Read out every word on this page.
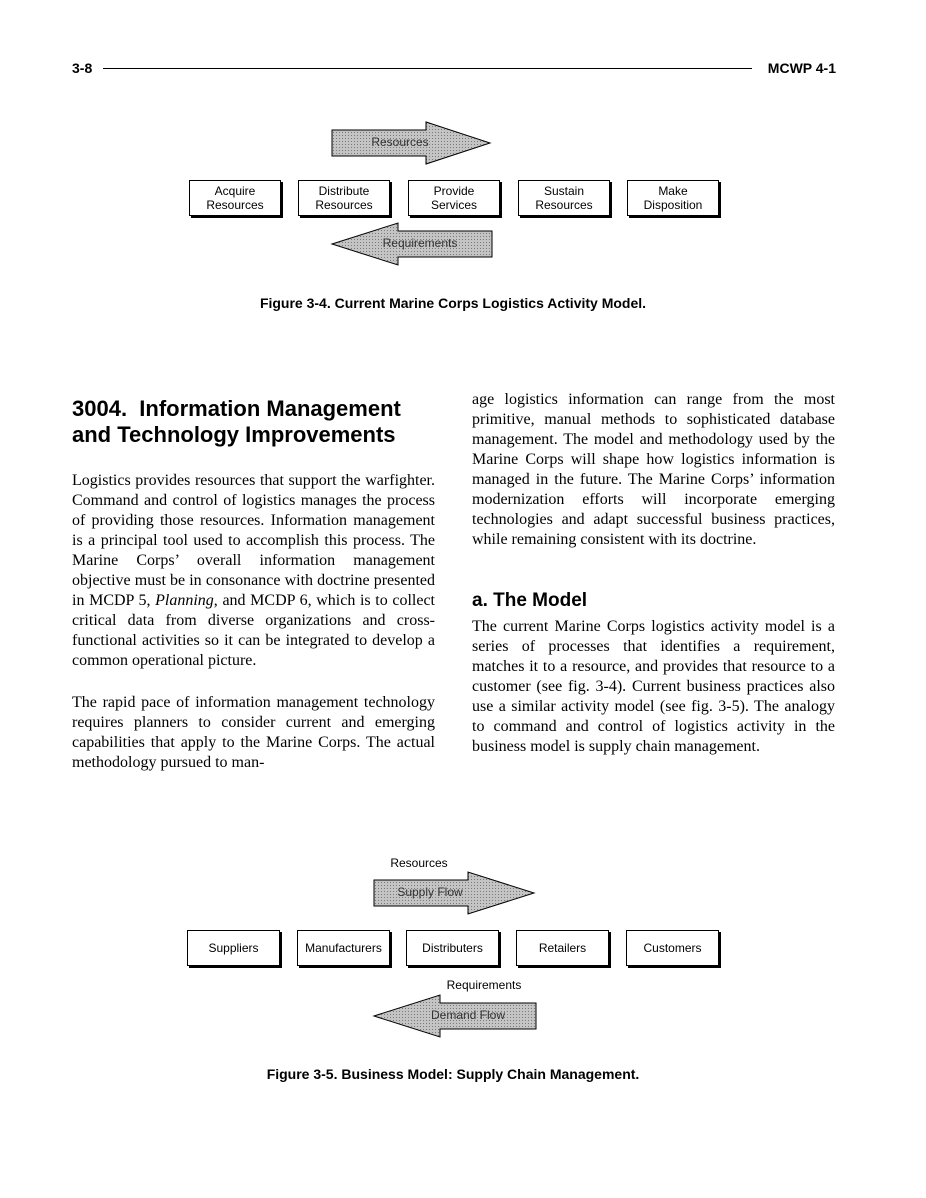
3-8	MCWP 4-1
Resources
Acquire
Resources
Distribute
Resources
Provide
Services
Sustain
Resources
Make
Disposition
Requirements
Figure 3-4. Current Marine Corps Logistics Activity Model.
3004.  Information Management
and Technology Improvements

Logistics provides resources that support the warfighter. Command and control of logistics manages the process of providing those resources. Information management is a principal tool used to accomplish this process. The Marine Corps’ overall information management objective must be in consonance with doctrine presented in MCDP 5, Planning, and MCDP 6, which is to collect critical data from diverse organizations and cross-functional activities so it can be integrated to develop a common operational picture.

The rapid pace of information management technology requires planners to consider current and emerging capabilities that apply to the Marine Corps. The actual methodology pursued to man-

age logistics information can range from the most primitive, manual methods to sophisticated database management. The model and methodology used by the Marine Corps will shape how logistics information is managed in the future. The Marine Corps’ information modernization efforts will incorporate emerging technologies and adapt successful business practices, while remaining consistent with its doctrine.

a. The Model

The current Marine Corps logistics activity model is a series of processes that identifies a requirement, matches it to a resource, and provides that resource to a customer (see fig. 3-4). Current business practices also use a similar activity model (see fig. 3-5). The analogy to command and control of logistics activity in the business model is supply chain management.

Resources
Supply Flow
Suppliers	Manufacturers	Distributers	Retailers	Customers
Requirements
Demand Flow
Figure 3-5. Business Model: Supply Chain Management.
